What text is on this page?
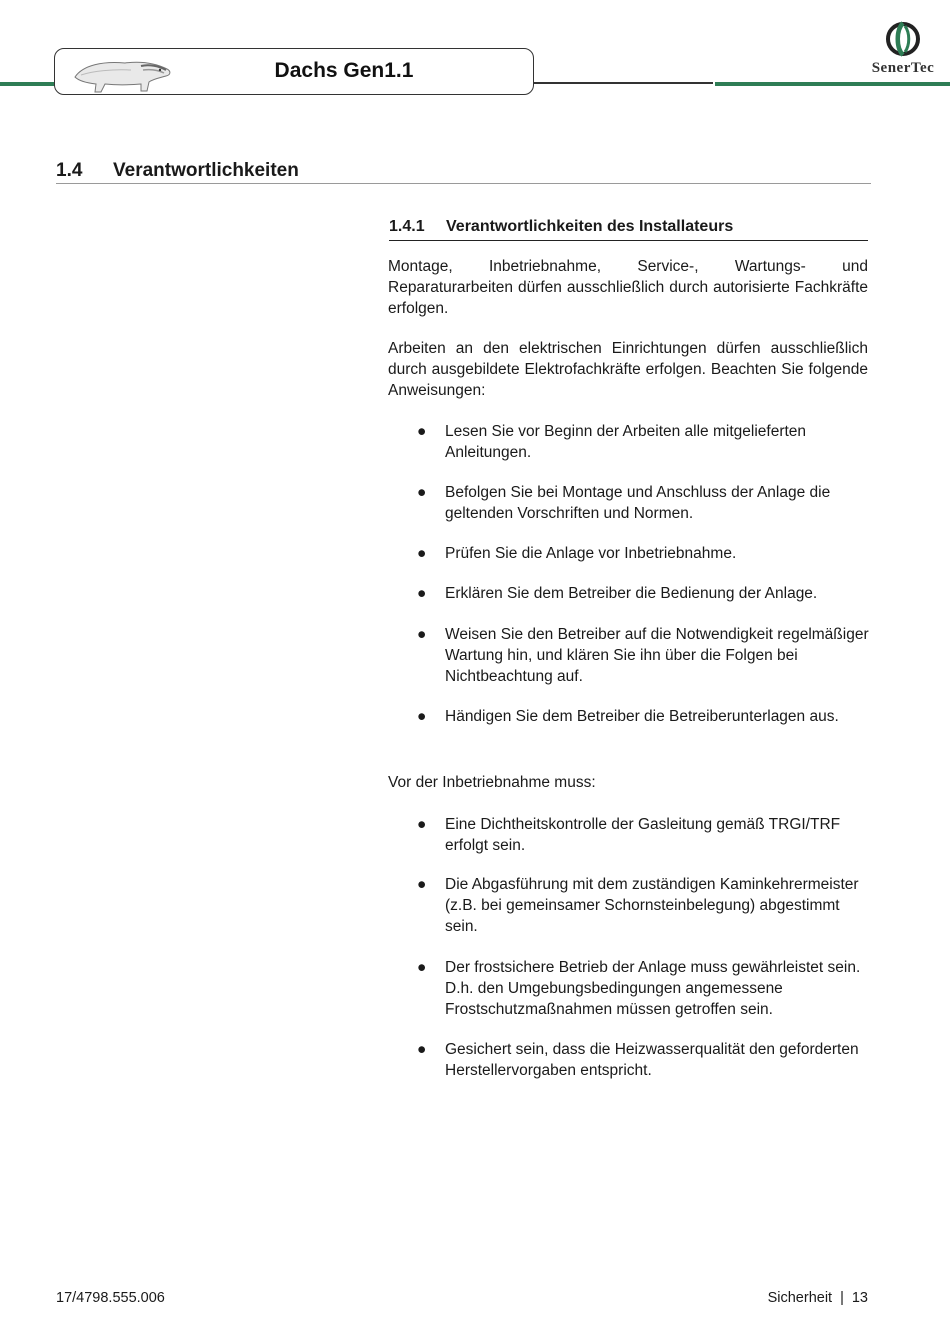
Dachs Gen1.1	SenerTec
1.4 Verantwortlichkeiten
1.4.1 Verantwortlichkeiten des Installateurs

Montage, Inbetriebnahme, Service-, Wartungs- und Reparaturarbeiten dürfen ausschließlich durch autorisierte Fachkräfte erfolgen.

Arbeiten an den elektrischen Einrichtungen dürfen ausschließlich durch ausgebildete Elektrofachkräfte erfolgen. Beachten Sie folgende Anweisungen:

● Lesen Sie vor Beginn der Arbeiten alle mitgelieferten Anleitungen.
● Befolgen Sie bei Montage und Anschluss der Anlage die geltenden Vorschriften und Normen.
● Prüfen Sie die Anlage vor Inbetriebnahme.
● Erklären Sie dem Betreiber die Bedienung der Anlage.
● Weisen Sie den Betreiber auf die Notwendigkeit regelmäßiger Wartung hin, und klären Sie ihn über die Folgen bei Nichtbeachtung auf.
● Händigen Sie dem Betreiber die Betreiberunterlagen aus.

Vor der Inbetriebnahme muss:

● Eine Dichtheitskontrolle der Gasleitung gemäß TRGI/TRF erfolgt sein.
● Die Abgasführung mit dem zuständigen Kaminkehrermeister (z.B. bei gemeinsamer Schornsteinbelegung) abgestimmt sein.
● Der frostsichere Betrieb der Anlage muss gewährleistet sein. D.h. den Umgebungsbedingungen angemessene Frostschutzmaßnahmen müssen getroffen sein.
● Gesichert sein, dass die Heizwasserqualität den geforderten Herstellervorgaben entspricht.
17/4798.555.006	Sicherheit | 13
